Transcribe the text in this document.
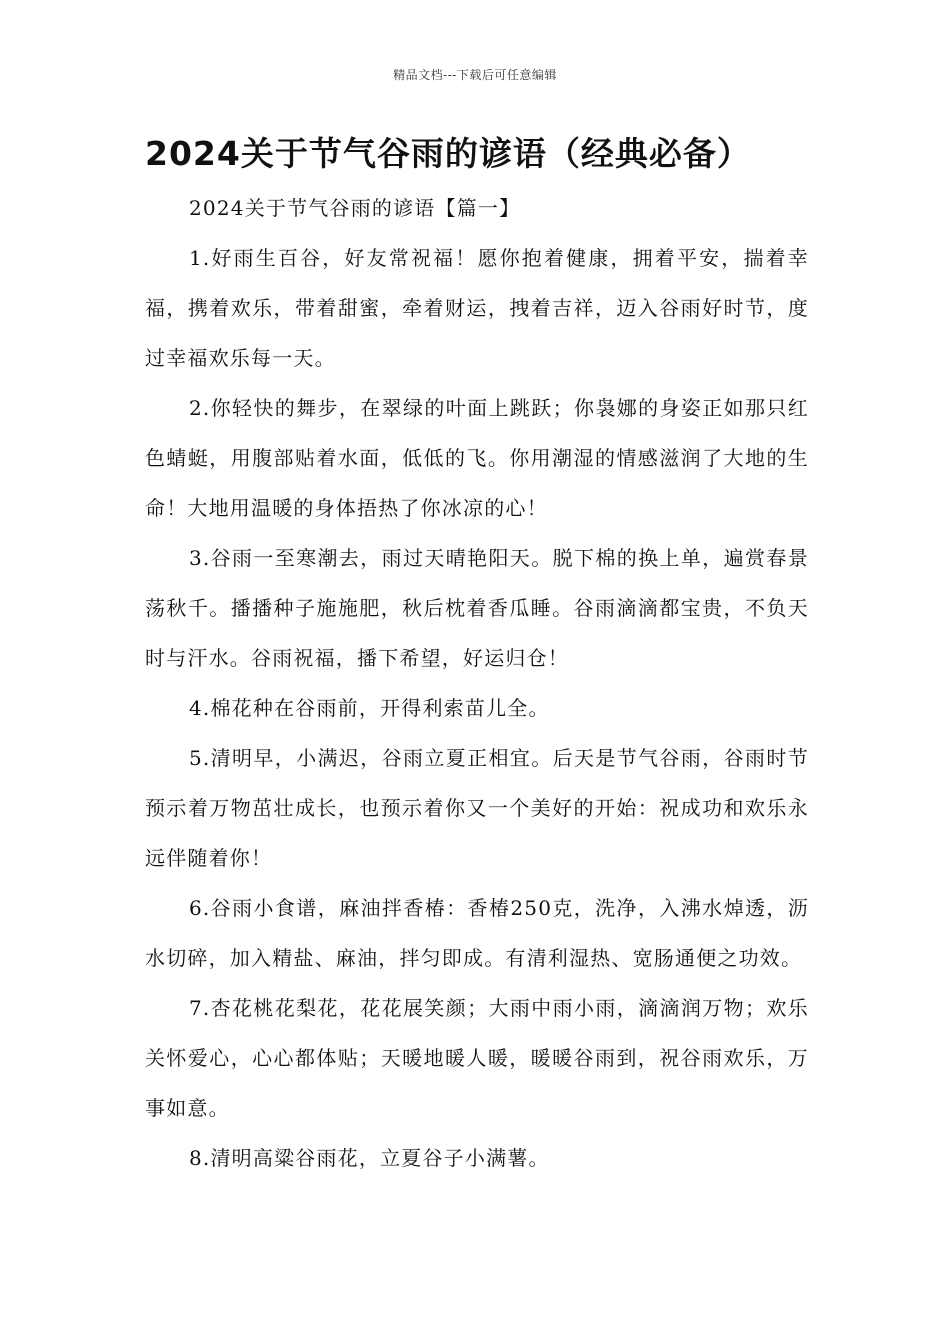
精品文档---下载后可任意编辑
2024关于节气谷雨的谚语（经典必备）

2024关于节气谷雨的谚语【篇一】

1.好雨生百谷，好友常祝福！愿你抱着健康，拥着平安，揣着幸福，携着欢乐，带着甜蜜，牵着财运，拽着吉祥，迈入谷雨好时节，度过幸福欢乐每一天。

2.你轻快的舞步，在翠绿的叶面上跳跃；你袅娜的身姿正如那只红色蜻蜓，用腹部贴着水面，低低的飞。你用潮湿的情感滋润了大地的生命！大地用温暖的身体捂热了你冰凉的心！

3.谷雨一至寒潮去，雨过天晴艳阳天。脱下棉的换上单，遍赏春景荡秋千。播播种子施施肥，秋后枕着香瓜睡。谷雨滴滴都宝贵，不负天时与汗水。谷雨祝福，播下希望，好运归仓！

4.棉花种在谷雨前，开得利索苗儿全。

5.清明早，小满迟，谷雨立夏正相宜。后天是节气谷雨，谷雨时节预示着万物茁壮成长，也预示着你又一个美好的开始：祝成功和欢乐永远伴随着你！

6.谷雨小食谱，麻油拌香椿：香椿250克，洗净，入沸水焯透，沥水切碎，加入精盐、麻油，拌匀即成。有清利湿热、宽肠通便之功效。

7.杏花桃花梨花，花花展笑颜；大雨中雨小雨，滴滴润万物；欢乐关怀爱心，心心都体贴；天暖地暖人暖，暖暖谷雨到，祝谷雨欢乐，万事如意。

8.清明高粱谷雨花，立夏谷子小满薯。
